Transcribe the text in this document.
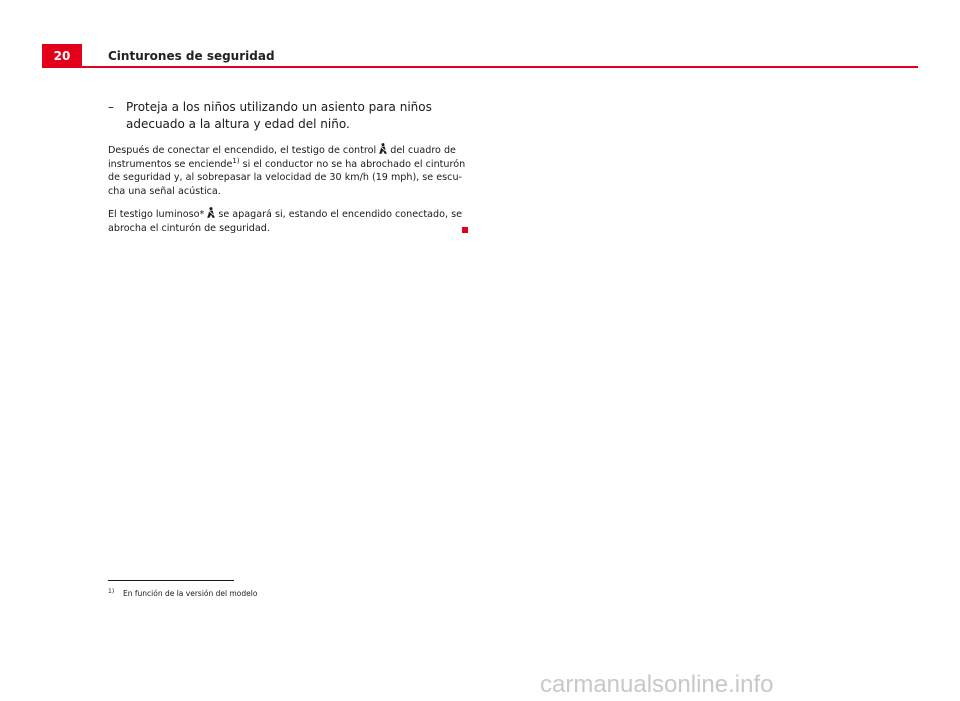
20	Cinturones de seguridad
–	Proteja a los niños utilizando un asiento para niños adecuado a la altura y edad del niño.
Después de conectar el encendido, el testigo de control  del cuadro de instrumentos se enciende$^{1)}$ si el conductor no se ha abrochado el cinturón de seguridad y, al sobrepasar la velocidad de 30 km/h (19 mph), se escu-cha una señal acústica.
El testigo luminoso*  se apagará si, estando el encendido conectado, se abrocha el cinturón de seguridad.
1) En función de la versión del modelo
carmanualsonline.info
